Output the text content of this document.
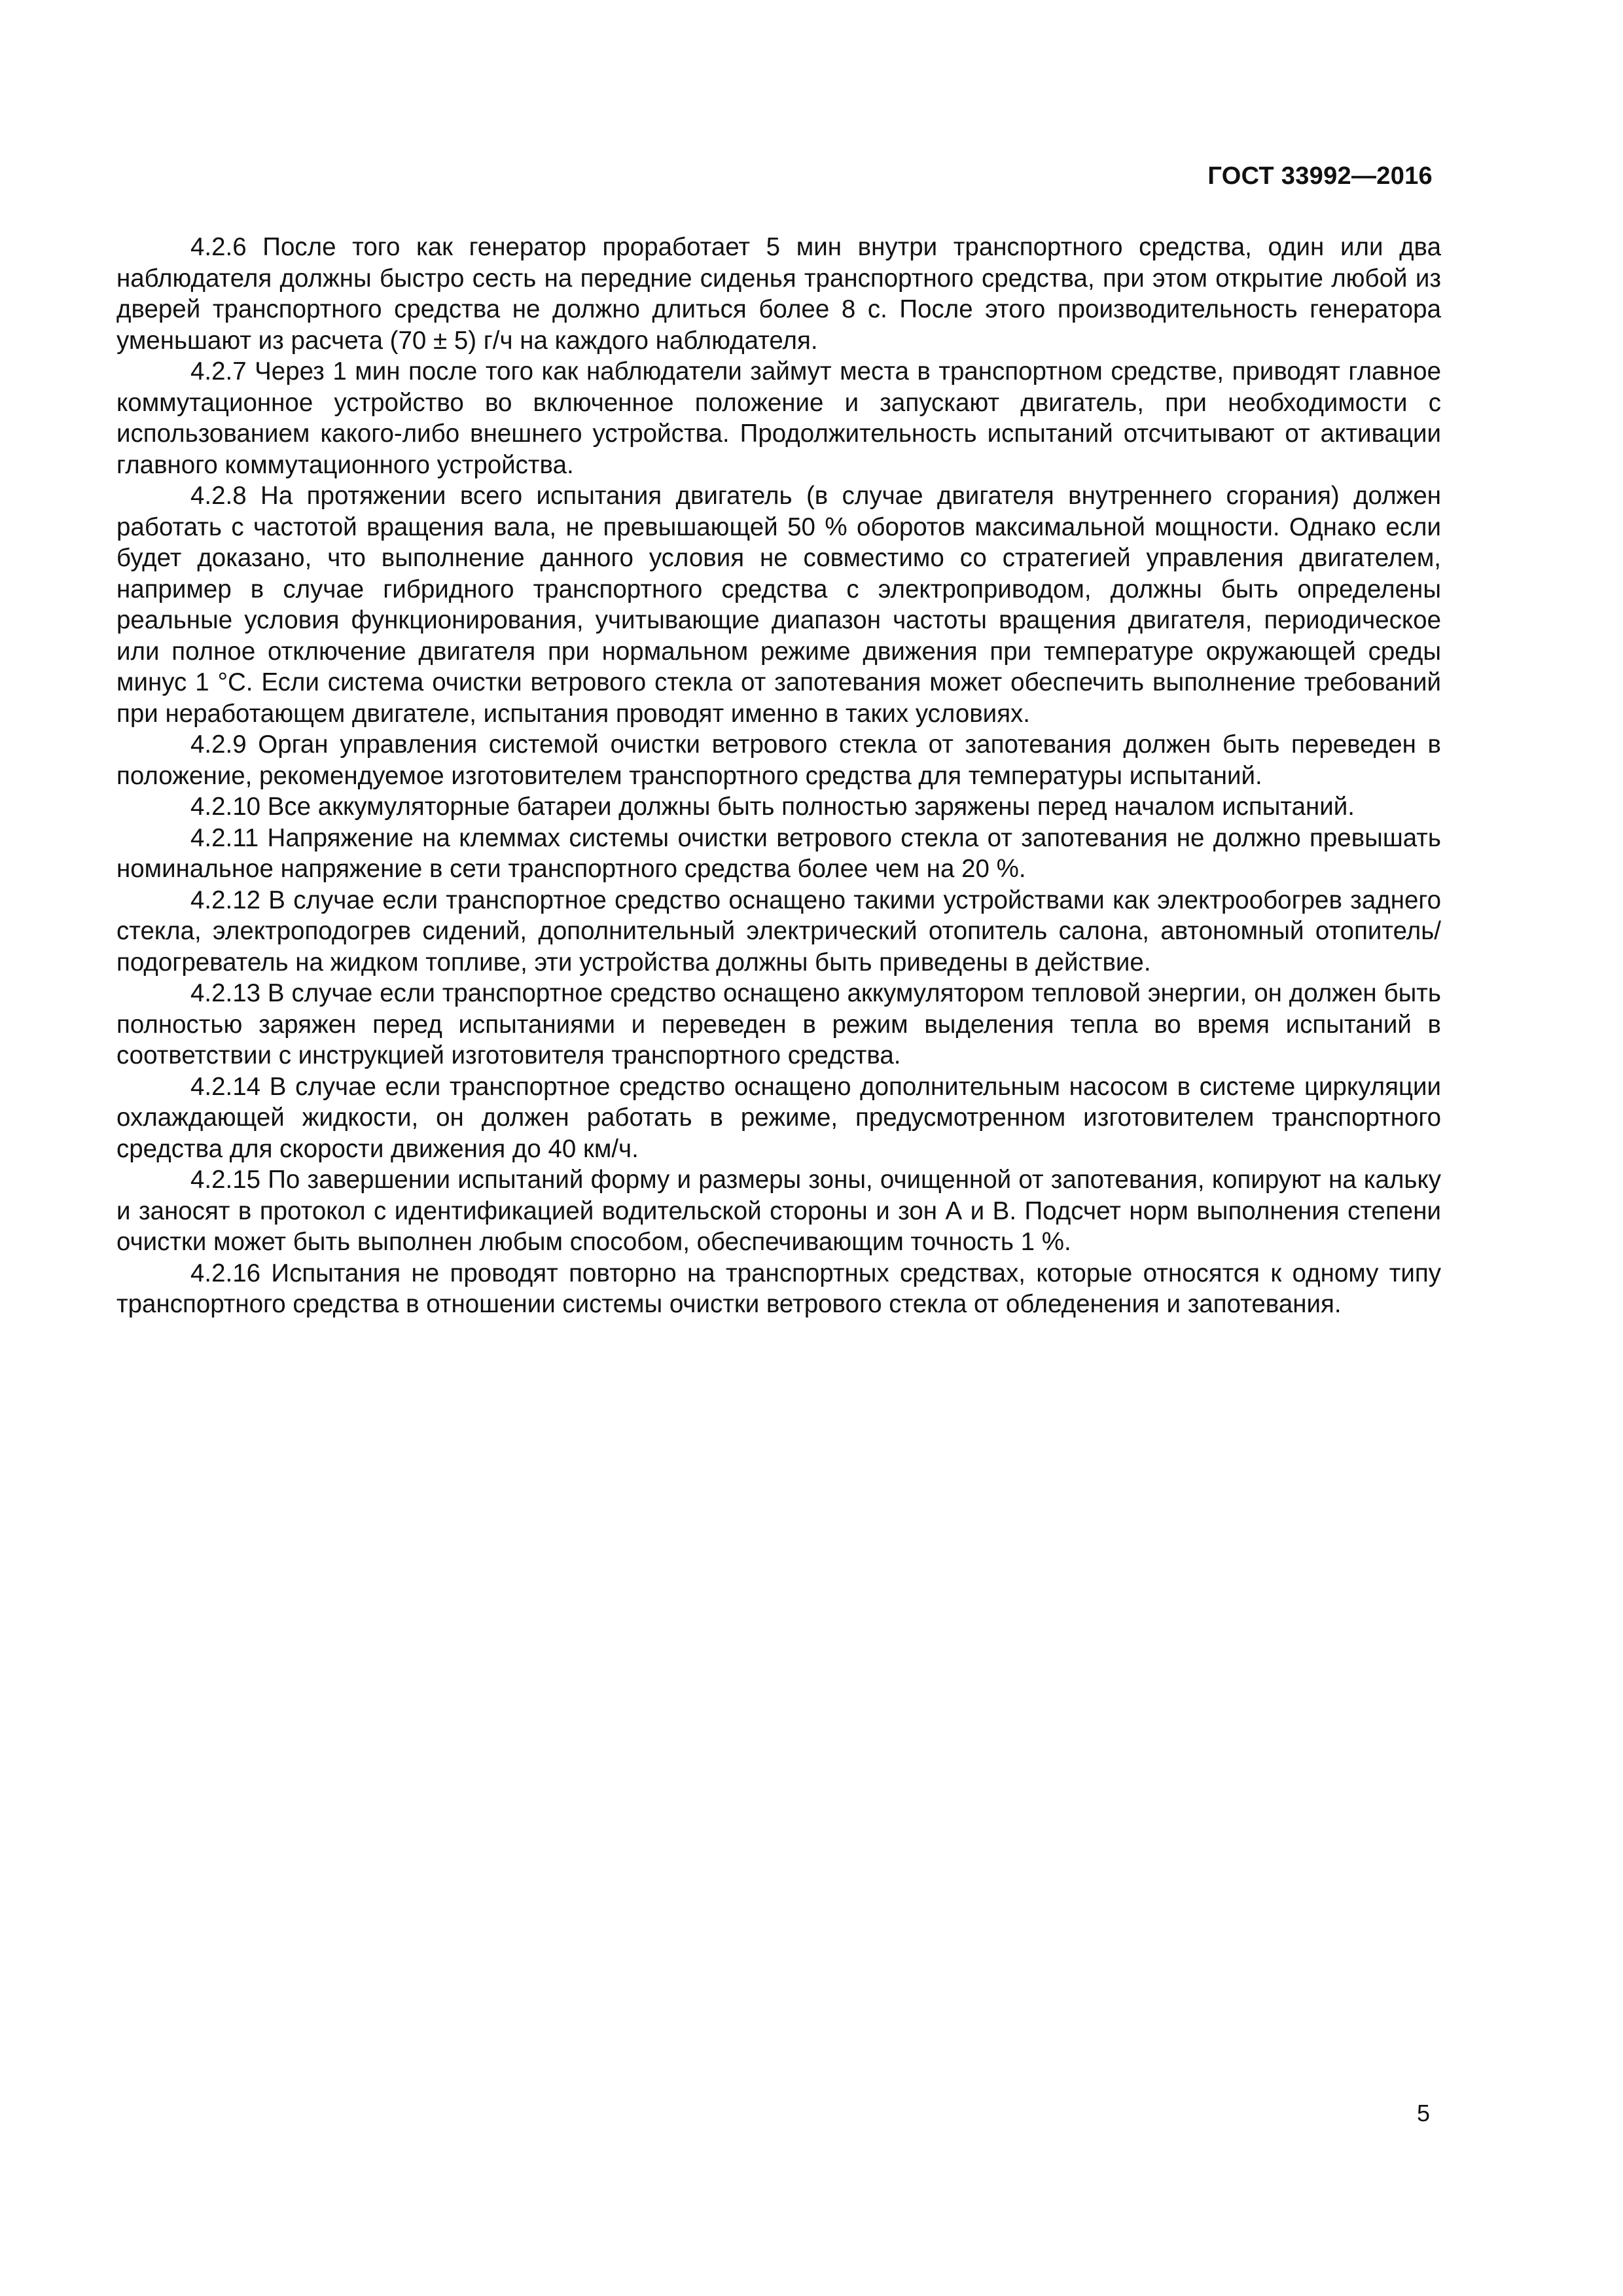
ГОСТ 33992—2016

4.2.6 После того как генератор проработает 5 мин внутри транспортного средства, один или два наблюдателя должны быстро сесть на передние сиденья транспортного средства, при этом открытие любой из дверей транспортного средства не должно длиться более 8 с. После этого производительность генератора уменьшают из расчета (70 ± 5) г/ч на каждого наблюдателя.

4.2.7 Через 1 мин после того как наблюдатели займут места в транспортном средстве, приводят главное коммутационное устройство во включенное положение и запускают двигатель, при необходимости с использованием какого-либо внешнего устройства. Продолжительность испытаний отсчитывают от активации главного коммутационного устройства.

4.2.8 На протяжении всего испытания двигатель (в случае двигателя внутреннего сгорания) должен работать с частотой вращения вала, не превышающей 50 % оборотов максимальной мощности. Однако если будет доказано, что выполнение данного условия не совместимо со стратегией управления двигателем, например в случае гибридного транспортного средства с электроприводом, должны быть определены реальные условия функционирования, учитывающие диапазон частоты вращения двигателя, периодическое или полное отключение двигателя при нормальном режиме движения при температуре окружающей среды минус 1 °С. Если система очистки ветрового стекла от запотевания может обеспечить выполнение требований при неработающем двигателе, испытания проводят именно в таких условиях.

4.2.9 Орган управления системой очистки ветрового стекла от запотевания должен быть переведен в положение, рекомендуемое изготовителем транспортного средства для температуры испытаний.

4.2.10 Все аккумуляторные батареи должны быть полностью заряжены перед началом испытаний.

4.2.11 Напряжение на клеммах системы очистки ветрового стекла от запотевания не должно превышать номинальное напряжение в сети транспортного средства более чем на 20 %.

4.2.12 В случае если транспортное средство оснащено такими устройствами как электрообогрев заднего стекла, электроподогрев сидений, дополнительный электрический отопитель салона, автономный отопитель/подогреватель на жидком топливе, эти устройства должны быть приведены в действие.

4.2.13 В случае если транспортное средство оснащено аккумулятором тепловой энергии, он должен быть полностью заряжен перед испытаниями и переведен в режим выделения тепла во время испытаний в соответствии с инструкцией изготовителя транспортного средства.

4.2.14 В случае если транспортное средство оснащено дополнительным насосом в системе циркуляции охлаждающей жидкости, он должен работать в режиме, предусмотренном изготовителем транспортного средства для скорости движения до 40 км/ч.

4.2.15 По завершении испытаний форму и размеры зоны, очищенной от запотевания, копируют на кальку и заносят в протокол с идентификацией водительской стороны и зон А и В. Подсчет норм выполнения степени очистки может быть выполнен любым способом, обеспечивающим точность 1 %.

4.2.16 Испытания не проводят повторно на транспортных средствах, которые относятся к одному типу транспортного средства в отношении системы очистки ветрового стекла от обледенения и запотевания.

5
